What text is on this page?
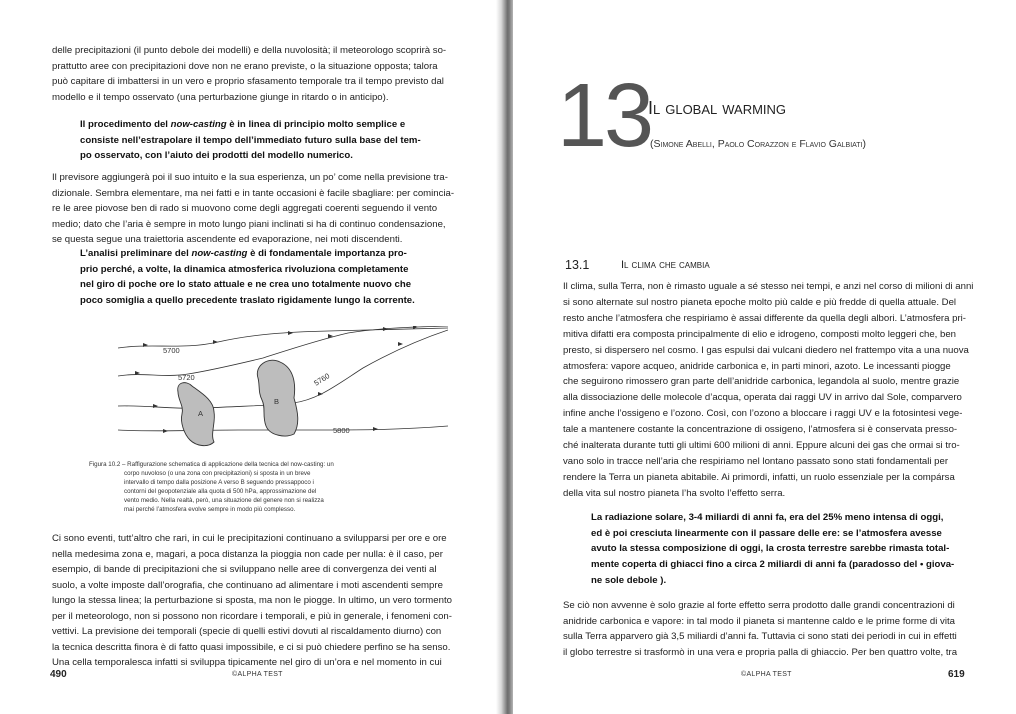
delle precipitazioni (il punto debole dei modelli) e della nuvolosità; il meteorologo scoprirà so-
prattutto aree con precipitazioni dove non ne erano previste, o la situazione opposta; talora
può capitare di imbattersi in un vero e proprio sfasamento temporale tra il tempo previsto dal
modello e il tempo osservato (una perturbazione giunge in ritardo o in anticipo).

Il procedimento del now-casting è in linea di principio molto semplice e
consiste nell’estrapolare il tempo dell’immediato futuro sulla base del tem-
po osservato, con l’aiuto dei prodotti del modello numerico.

Il previsore aggiungerà poi il suo intuito e la sua esperienza, un po’ come nella previsione tra-
dizionale. Sembra elementare, ma nei fatti e in tante occasioni è facile sbagliare: per comincia-
re le aree piovose ben di rado si muovono come degli aggregati coerenti seguendo il vento
medio; dato che l’aria è sempre in moto lungo piani inclinati si ha di continuo condensazione,
se questa segue una traiettoria ascendente ed evaporazione, nei moti discendenti.

L’analisi preliminare del now-casting è di fondamentale importanza pro-
prio perché, a volte, la dinamica atmosferica rivoluziona completamente
nel giro di poche ore lo stato attuale e ne crea uno totalmente nuovo che
poco somiglia a quello precedente traslato rigidamente lungo la corrente.

5700
5720	5760
5800
A
B
Figura 10.2 – Raffigurazione schematica di applicazione della tecnica del now-casting: un
corpo nuvoloso (o una zona con precipitazioni) si sposta in un breve
intervallo di tempo dalla posizione A verso B seguendo pressappoco i
contorni del geopotenziale alla quota di 500 hPa, approssimazione del
vento medio. Nella realtà, però, una situazione del genere non si realizza
mai perché l’atmosfera evolve sempre in modo più complesso.

Ci sono eventi, tutt’altro che rari, in cui le precipitazioni continuano a svilupparsi per ore e ore
nella medesima zona e, magari, a poca distanza la pioggia non cade per nulla: è il caso, per
esempio, di bande di precipitazioni che si sviluppano nelle aree di convergenza dei venti al
suolo, a volte imposte dall’orografia, che continuano ad alimentare i moti ascendenti sempre
lungo la stessa linea; la perturbazione si sposta, ma non le piogge. In ultimo, un vero tormento
per il meteorologo, non si possono non ricordare i temporali, e più in generale, i fenomeni con-
vettivi. La previsione dei temporali (specie di quelli estivi dovuti al riscaldamento diurno) con
la tecnica descritta finora è di fatto quasi impossibile, e ci si può chiedere perfino se ha senso.
Una cella temporalesca infatti si sviluppa tipicamente nel giro di un’ora e nel momento in cui

490	©ALPHA TEST
13
Il global warming
(Simone Abelli, Paolo Corazzon e Flavio Galbiati)
13.1	Il clima che cambia

Il clima, sulla Terra, non è rimasto uguale a sé stesso nei tempi, e anzi nel corso di milioni di anni
si sono alternate sul nostro pianeta epoche molto più calde e più fredde di quella attuale. Del
resto anche l’atmosfera che respiriamo è assai differente da quella degli albori. L’atmosfera pri-
mitiva difatti era composta principalmente di elio e idrogeno, composti molto leggeri che, ben
presto, si dispersero nel cosmo. I gas espulsi dai vulcani diedero nel frattempo vita a una nuova
atmosfera: vapore acqueo, anidride carbonica e, in parti minori, azoto. Le incessanti piogge
che seguirono rimossero gran parte dell’anidride carbonica, legandola al suolo, mentre grazie
alla dissociazione delle molecole d’acqua, operata dai raggi UV in arrivo dal Sole, comparvero
infine anche l’ossigeno e l’ozono. Così, con l’ozono a bloccare i raggi UV e la fotosintesi vege-
tale a mantenere costante la concentrazione di ossigeno, l’atmosfera si è conservata presso-
ché inalterata durante tutti gli ultimi 600 milioni di anni. Eppure alcuni dei gas che ormai si tro-
vano solo in tracce nell’aria che respiriamo nel lontano passato sono stati fondamentali per
rendere la Terra un pianeta abitabile. Ai primordi, infatti, un ruolo essenziale per la compársa
della vita sul nostro pianeta l’ha svolto l’effetto serra.

La radiazione solare, 3-4 miliardi di anni fa, era del 25% meno intensa di oggi,
ed è poi cresciuta linearmente con il passare delle ere: se l’atmosfera avesse
avuto la stessa composizione di oggi, la crosta terrestre sarebbe rimasta total-
mente coperta di ghiacci fino a circa 2 miliardi di anni fa (paradosso del • giova-
ne sole debole ).

Se ciò non avvenne è solo grazie al forte effetto serra prodotto dalle grandi concentrazioni di
anidride carbonica e vapore: in tal modo il pianeta si mantenne caldo e le prime forme di vita
sulla Terra apparvero già 3,5 miliardi d’anni fa. Tuttavia ci sono stati dei periodi in cui in effetti
il globo terrestre si trasformò in una vera e propria palla di ghiaccio. Per ben quattro volte, tra

©ALPHA TEST	619
